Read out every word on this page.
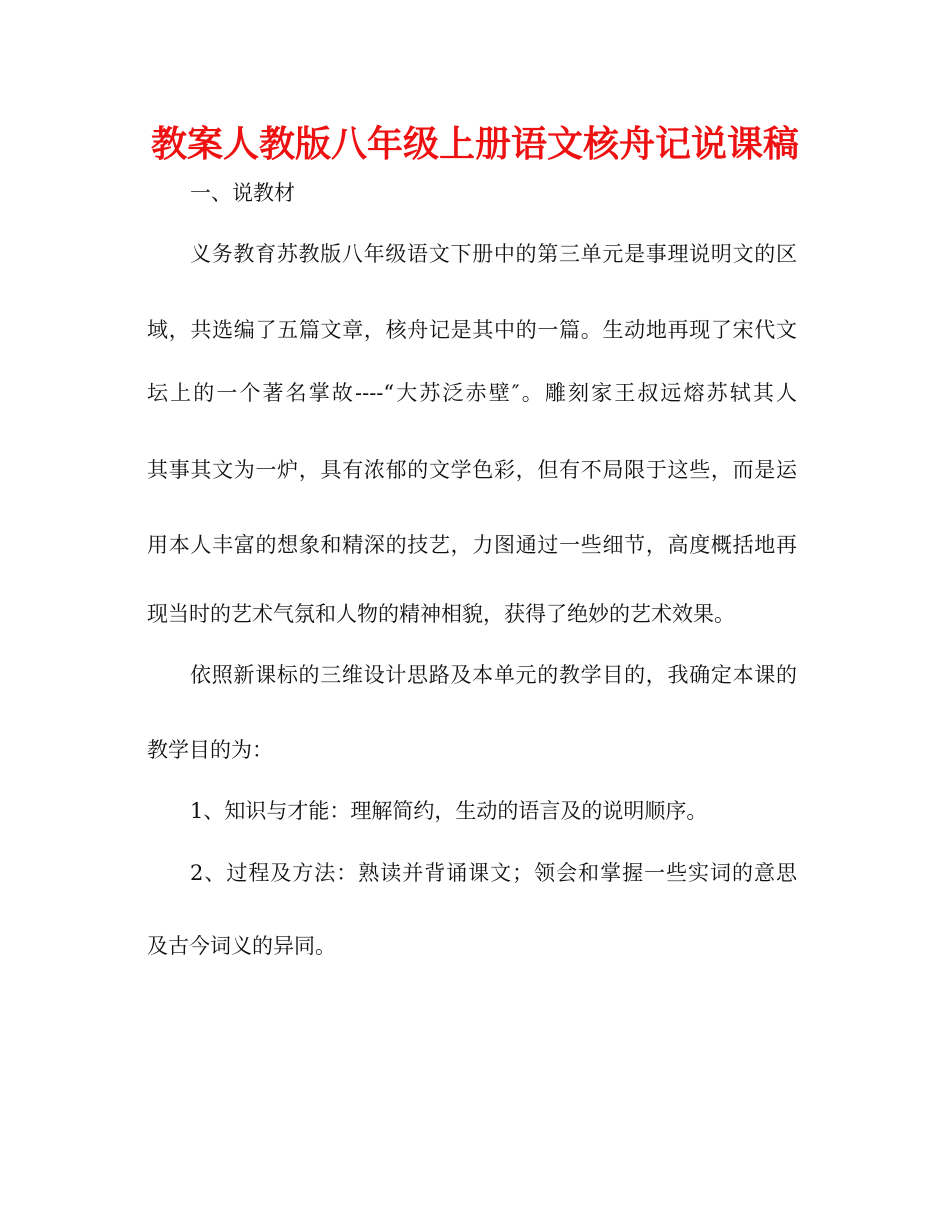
教案人教版八年级上册语文核舟记说课稿

一、说教材

义务教育苏教版八年级语文下册中的第三单元是事理说明文的区

域，共选编了五篇文章，核舟记是其中的一篇。生动地再现了宋代文

坛上的一个著名掌故----“大苏泛赤壁″。雕刻家王叔远熔苏轼其人

其事其文为一炉，具有浓郁的文学色彩，但有不局限于这些，而是运

用本人丰富的想象和精深的技艺，力图通过一些细节，高度概括地再

现当时的艺术气氛和人物的精神相貌，获得了绝妙的艺术效果。

依照新课标的三维设计思路及本单元的教学目的，我确定本课的

教学目的为：

1、知识与才能：理解简约，生动的语言及的说明顺序。

2、过程及方法：熟读并背诵课文；领会和掌握一些实词的意思

及古今词义的异同。
